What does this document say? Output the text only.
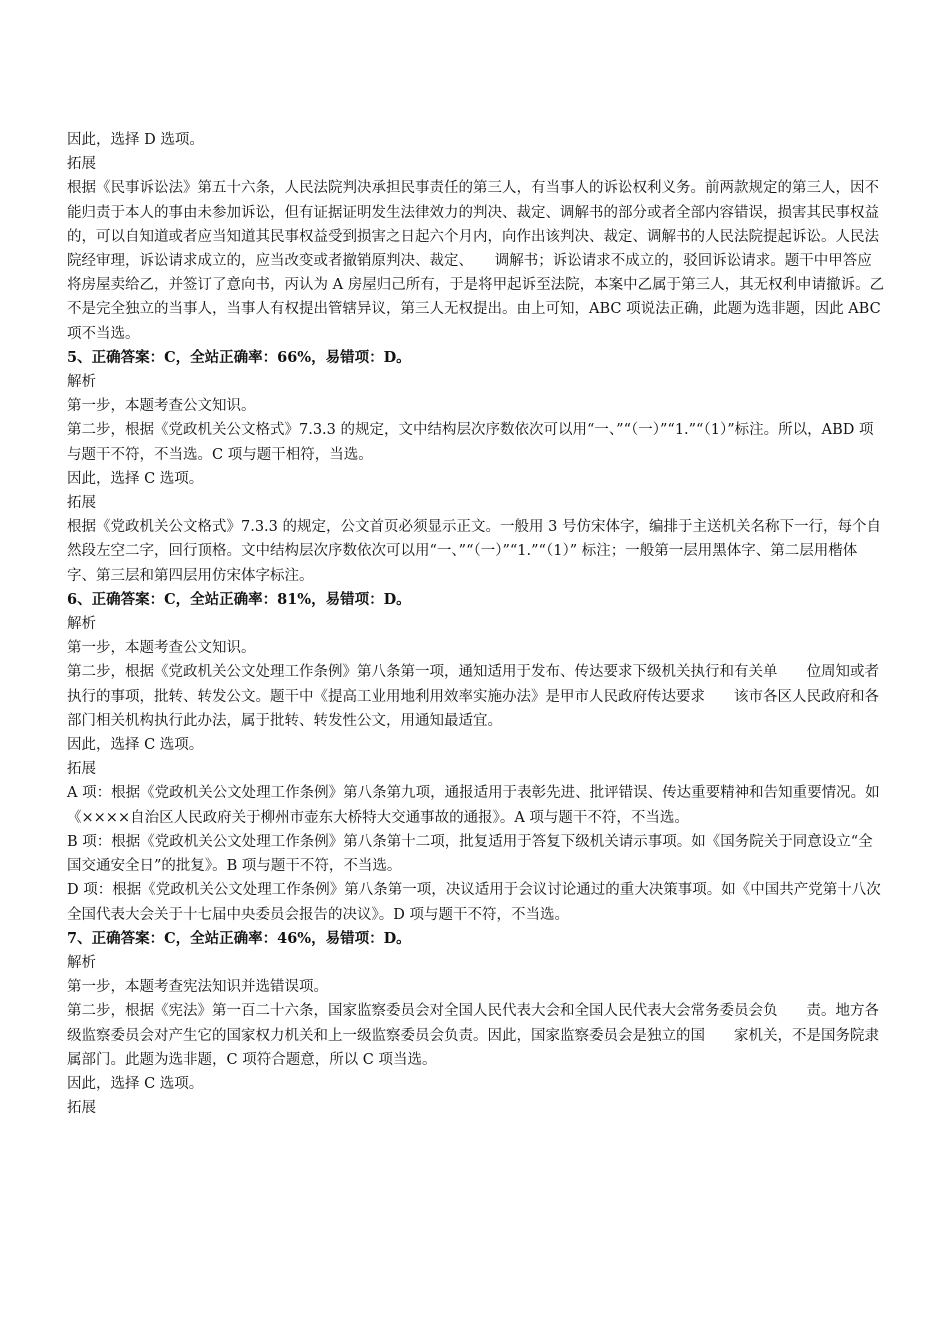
因此，选择 D 选项。

拓展

根据《民事诉讼法》第五十六条，人民法院判决承担民事责任的第三人，有当事人的诉讼权利义务。前两款规定的第三人，因不能归责于本人的事由未参加诉讼，但有证据证明发生法律效力的判决、裁定、调解书的部分或者全部内容错误，损害其民事权益的，可以自知道或者应当知道其民事权益受到损害之日起六个月内，向作出该判决、裁定、调解书的人民法院提起诉讼。人民法院经审理，诉讼请求成立的，应当改变或者撤销原判决、裁定、　　调解书；诉讼请求不成立的，驳回诉讼请求。题干中甲答应将房屋卖给乙，并签订了意向书，丙认为 A 房屋归己所有，于是将甲起诉至法院，本案中乙属于第三人，其无权利申请撤诉。乙不是完全独立的当事人，当事人有权提出管辖异议，第三人无权提出。由上可知，ABC 项说法正确，此题为选非题，因此 ABC 项不当选。

5、正确答案：C，全站正确率：66%，易错项：D。

解析

第一步，本题考查公文知识。

第二步，根据《党政机关公文格式》7.3.3 的规定，文中结构层次序数依次可以用“一、”“（一）”“1.”“（1）”标注。所以，ABD 项与题干不符，不当选。C 项与题干相符，当选。

因此，选择 C 选项。

拓展

根据《党政机关公文格式》7.3.3 的规定，公文首页必须显示正文。一般用 3 号仿宋体字，编排于主送机关名称下一行，每个自然段左空二字，回行顶格。文中结构层次序数依次可以用“一、”“（一）”“1.”“（1）” 标注；一般第一层用黑体字、第二层用楷体字、第三层和第四层用仿宋体字标注。

6、正确答案：C，全站正确率：81%，易错项：D。

解析

第一步，本题考查公文知识。

第二步，根据《党政机关公文处理工作条例》第八条第一项，通知适用于发布、传达要求下级机关执行和有关单　　位周知或者执行的事项，批转、转发公文。题干中《提高工业用地利用效率实施办法》是甲市人民政府传达要求　　该市各区人民政府和各部门相关机构执行此办法，属于批转、转发性公文，用通知最适宜。

因此，选择 C 选项。

拓展

A 项：根据《党政机关公文处理工作条例》第八条第九项，通报适用于表彰先进、批评错误、传达重要精神和告知重要情况。如《××××自治区人民政府关于柳州市壶东大桥特大交通事故的通报》。A 项与题干不符，不当选。

B 项：根据《党政机关公文处理工作条例》第八条第十二项，批复适用于答复下级机关请示事项。如《国务院关于同意设立“全国交通安全日”的批复》。B 项与题干不符，不当选。

D 项：根据《党政机关公文处理工作条例》第八条第一项，决议适用于会议讨论通过的重大决策事项。如《中国共产党第十八次全国代表大会关于十七届中央委员会报告的决议》。D 项与题干不符，不当选。

7、正确答案：C，全站正确率：46%，易错项：D。

解析

第一步，本题考查宪法知识并选错误项。

第二步，根据《宪法》第一百二十六条，国家监察委员会对全国人民代表大会和全国人民代表大会常务委员会负　　责。地方各级监察委员会对产生它的国家权力机关和上一级监察委员会负责。因此，国家监察委员会是独立的国　　家机关，不是国务院隶属部门。此题为选非题，C 项符合题意，所以 C 项当选。

因此，选择 C 选项。

拓展
